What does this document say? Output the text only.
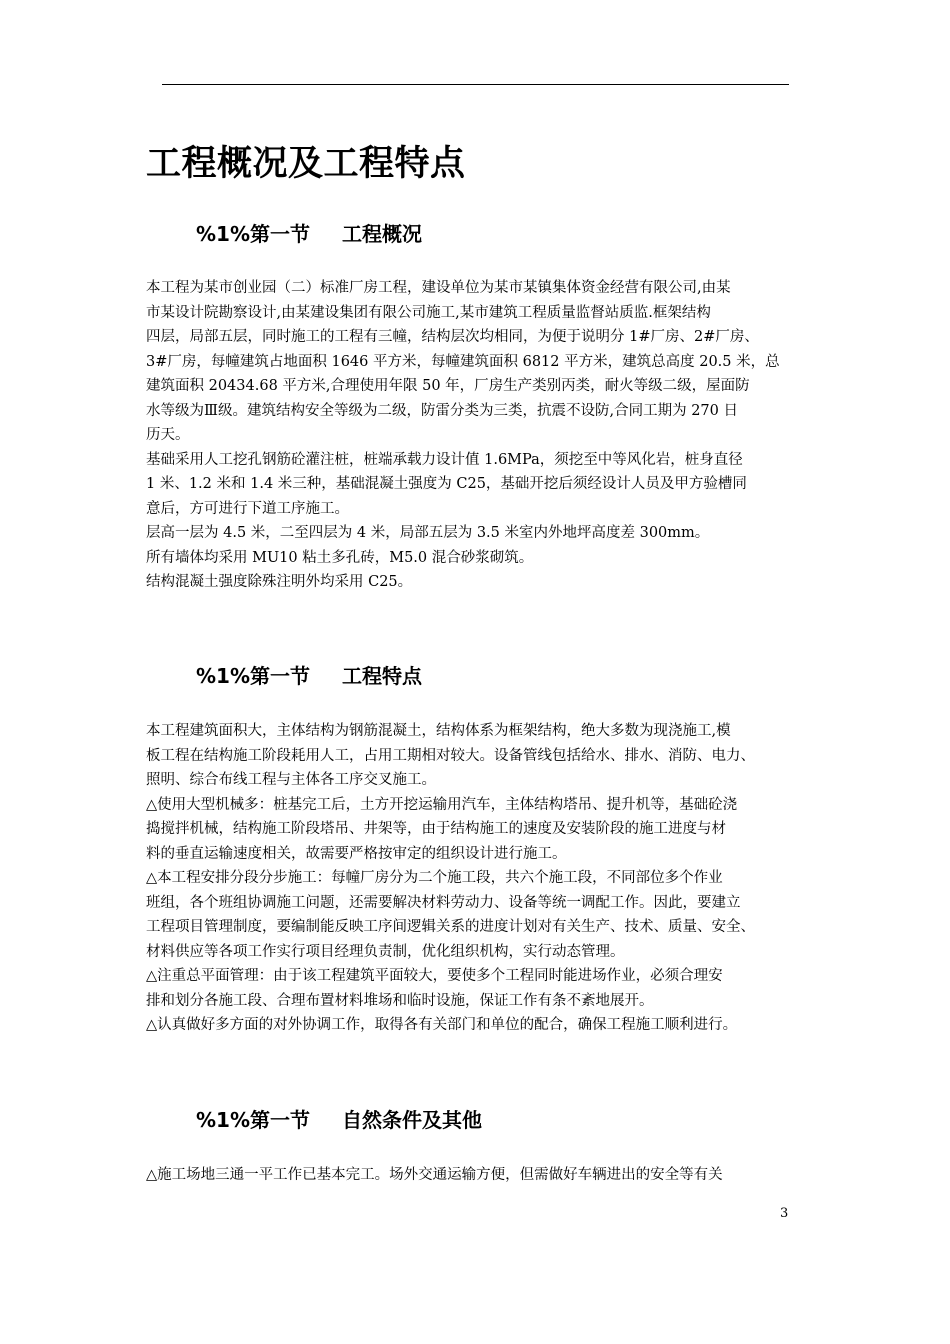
工程概况及工程特点
%1%第一节 工程概况
本工程为某市创业园（二）标准厂房工程，建设单位为某市某镇集体资金经营有限公司,由某
市某设计院勘察设计,由某建设集团有限公司施工,某市建筑工程质量监督站质监.框架结构
四层，局部五层，同时施工的工程有三幢，结构层次均相同，为便于说明分 1#厂房、2#厂房、
3#厂房，每幢建筑占地面积 1646 平方米，每幢建筑面积 6812 平方米，建筑总高度 20.5 米，总
建筑面积 20434.68 平方米,合理使用年限 50 年，厂房生产类别丙类，耐火等级二级，屋面防
水等级为Ⅲ级。建筑结构安全等级为二级，防雷分类为三类，抗震不设防,合同工期为 270 日
历天。
基础采用人工挖孔钢筋砼灌注桩，桩端承载力设计值 1.6MPa，须挖至中等风化岩，桩身直径
1 米、1.2 米和 1.4 米三种，基础混凝土强度为 C25，基础开挖后须经设计人员及甲方验槽同
意后，方可进行下道工序施工。
层高一层为 4.5 米，二至四层为 4 米，局部五层为 3.5 米室内外地坪高度差 300mm。
所有墙体均采用 MU10 粘土多孔砖，M5.0 混合砂浆砌筑。
结构混凝土强度除殊注明外均采用 C25。
%1%第一节 工程特点
本工程建筑面积大，主体结构为钢筋混凝土，结构体系为框架结构，绝大多数为现浇施工,模
板工程在结构施工阶段耗用人工，占用工期相对较大。设备管线包括给水、排水、消防、电力、
照明、综合布线工程与主体各工序交叉施工。
△使用大型机械多：桩基完工后，土方开挖运输用汽车，主体结构塔吊、提升机等，基础砼浇
捣搅拌机械，结构施工阶段塔吊、井架等，由于结构施工的速度及安装阶段的施工进度与材
料的垂直运输速度相关，故需要严格按审定的组织设计进行施工。
△本工程安排分段分步施工：每幢厂房分为二个施工段，共六个施工段，不同部位多个作业
班组，各个班组协调施工问题，还需要解决材料劳动力、设备等统一调配工作。因此，要建立
工程项目管理制度，要编制能反映工序间逻辑关系的进度计划对有关生产、技术、质量、安全、
材料供应等各项工作实行项目经理负责制，优化组织机构，实行动态管理。
△注重总平面管理：由于该工程建筑平面较大，要使多个工程同时能进场作业，必须合理安
排和划分各施工段、合理布置材料堆场和临时设施，保证工作有条不紊地展开。
△认真做好多方面的对外协调工作，取得各有关部门和单位的配合，确保工程施工顺利进行。
%1%第一节 自然条件及其他
△施工场地三通一平工作已基本完工。场外交通运输方便，但需做好车辆进出的安全等有关
3
